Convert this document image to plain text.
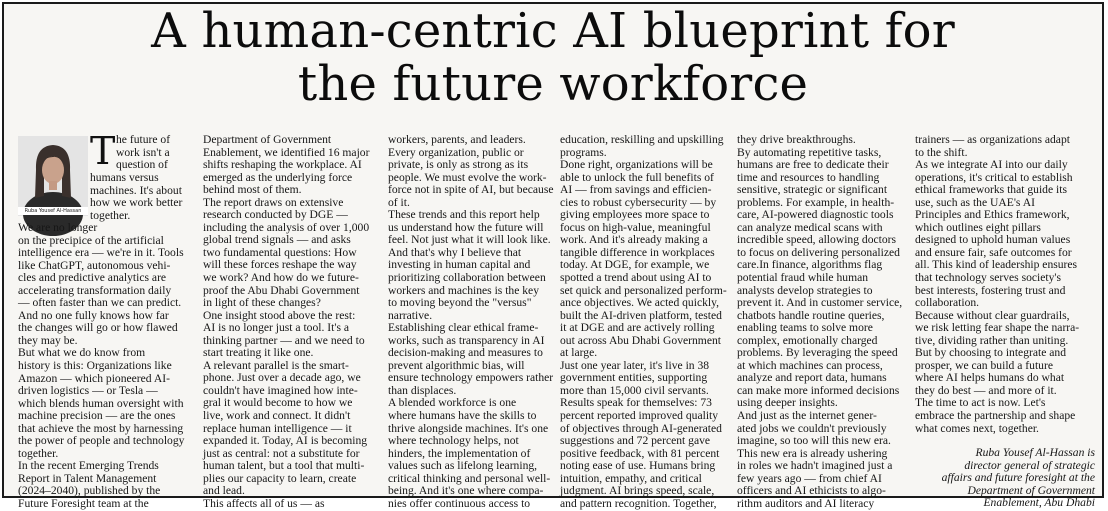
A human-centric AI blueprint for
the future workforce
Ruba Yousef Al-Hassan
T he future of
work isn't a
question of
humans versus
machines. It's about
how we work better
together.
We are no longer
on the precipice of the artificial
intelligence era — we're in it. Tools
like ChatGPT, autonomous vehi-
cles and predictive analytics are
accelerating transformation daily
— often faster than we can predict.
And no one fully knows how far
the changes will go or how flawed
they may be.
But what we do know from
history is this: Organizations like
Amazon — which pioneered AI-
driven logistics — or Tesla —
which blends human oversight with
machine precision — are the ones
that achieve the most by harnessing
the power of people and technology
together.
In the recent Emerging Trends
Report in Talent Management
(2024–2040), published by the
Future Foresight team at the
Department of Government
Enablement, we identified 16 major
shifts reshaping the workplace. AI
emerged as the underlying force
behind most of them.
The report draws on extensive
research conducted by DGE —
including the analysis of over 1,000
global trend signals — and asks
two fundamental questions: How
will these forces reshape the way
we work? And how do we future-
proof the Abu Dhabi Government
in light of these changes?
One insight stood above the rest:
AI is no longer just a tool. It's a
thinking partner — and we need to
start treating it like one.
A relevant parallel is the smart-
phone. Just over a decade ago, we
couldn't have imagined how inte-
gral it would become to how we
live, work and connect. It didn't
replace human intelligence — it
expanded it. Today, AI is becoming
just as central: not a substitute for
human talent, but a tool that multi-
plies our capacity to learn, create
and lead.
This affects all of us — as
workers, parents, and leaders.
Every organization, public or
private, is only as strong as its
people. We must evolve the work-
force not in spite of AI, but because
of it.
These trends and this report help
us understand how the future will
feel. Not just what it will look like.
And that's why I believe that
investing in human capital and
prioritizing collaboration between
workers and machines is the key
to moving beyond the "versus"
narrative.
Establishing clear ethical frame-
works, such as transparency in AI
decision-making and measures to
prevent algorithmic bias, will
ensure technology empowers rather
than displaces.
A blended workforce is one
where humans have the skills to
thrive alongside machines. It's one
where technology helps, not
hinders, the implementation of
values such as lifelong learning,
critical thinking and personal well-
being. And it's one where compa-
nies offer continuous access to
education, reskilling and upskilling
programs.
Done right, organizations will be
able to unlock the full benefits of
AI — from savings and efficien-
cies to robust cybersecurity — by
giving employees more space to
focus on high-value, meaningful
work. And it's already making a
tangible difference in workplaces
today. At DGE, for example, we
spotted a trend about using AI to
set quick and personalized perform-
ance objectives. We acted quickly,
built the AI-driven platform, tested
it at DGE and are actively rolling
out across Abu Dhabi Government
at large.
Just one year later, it's live in 38
government entities, supporting
more than 15,000 civil servants.
Results speak for themselves: 73
percent reported improved quality
of objectives through AI-generated
suggestions and 72 percent gave
positive feedback, with 81 percent
noting ease of use. Humans bring
intuition, empathy, and critical
judgment. AI brings speed, scale,
and pattern recognition. Together,
they drive breakthroughs.
By automating repetitive tasks,
humans are free to dedicate their
time and resources to handling
sensitive, strategic or significant
problems. For example, in health-
care, AI-powered diagnostic tools
can analyze medical scans with
incredible speed, allowing doctors
to focus on delivering personalized
care.In finance, algorithms flag
potential fraud while human
analysts develop strategies to
prevent it. And in customer service,
chatbots handle routine queries,
enabling teams to solve more
complex, emotionally charged
problems. By leveraging the speed
at which machines can process,
analyze and report data, humans
can make more informed decisions
using deeper insights.
And just as the internet gener-
ated jobs we couldn't previously
imagine, so too will this new era.
This new era is already ushering
in roles we hadn't imagined just a
few years ago — from chief AI
officers and AI ethicists to algo-
rithm auditors and AI literacy
trainers — as organizations adapt
to the shift.
As we integrate AI into our daily
operations, it's critical to establish
ethical frameworks that guide its
use, such as the UAE's AI
Principles and Ethics framework,
which outlines eight pillars
designed to uphold human values
and ensure fair, safe outcomes for
all. This kind of leadership ensures
that technology serves society's
best interests, fostering trust and
collaboration.
Because without clear guardrails,
we risk letting fear shape the narra-
tive, dividing rather than uniting.
But by choosing to integrate and
prosper, we can build a future
where AI helps humans do what
they do best — and more of it.
The time to act is now. Let's
embrace the partnership and shape
what comes next, together.
Ruba Yousef Al-Hassan is
director general of strategic
affairs and future foresight at the
Department of Government
Enablement, Abu Dhabi
